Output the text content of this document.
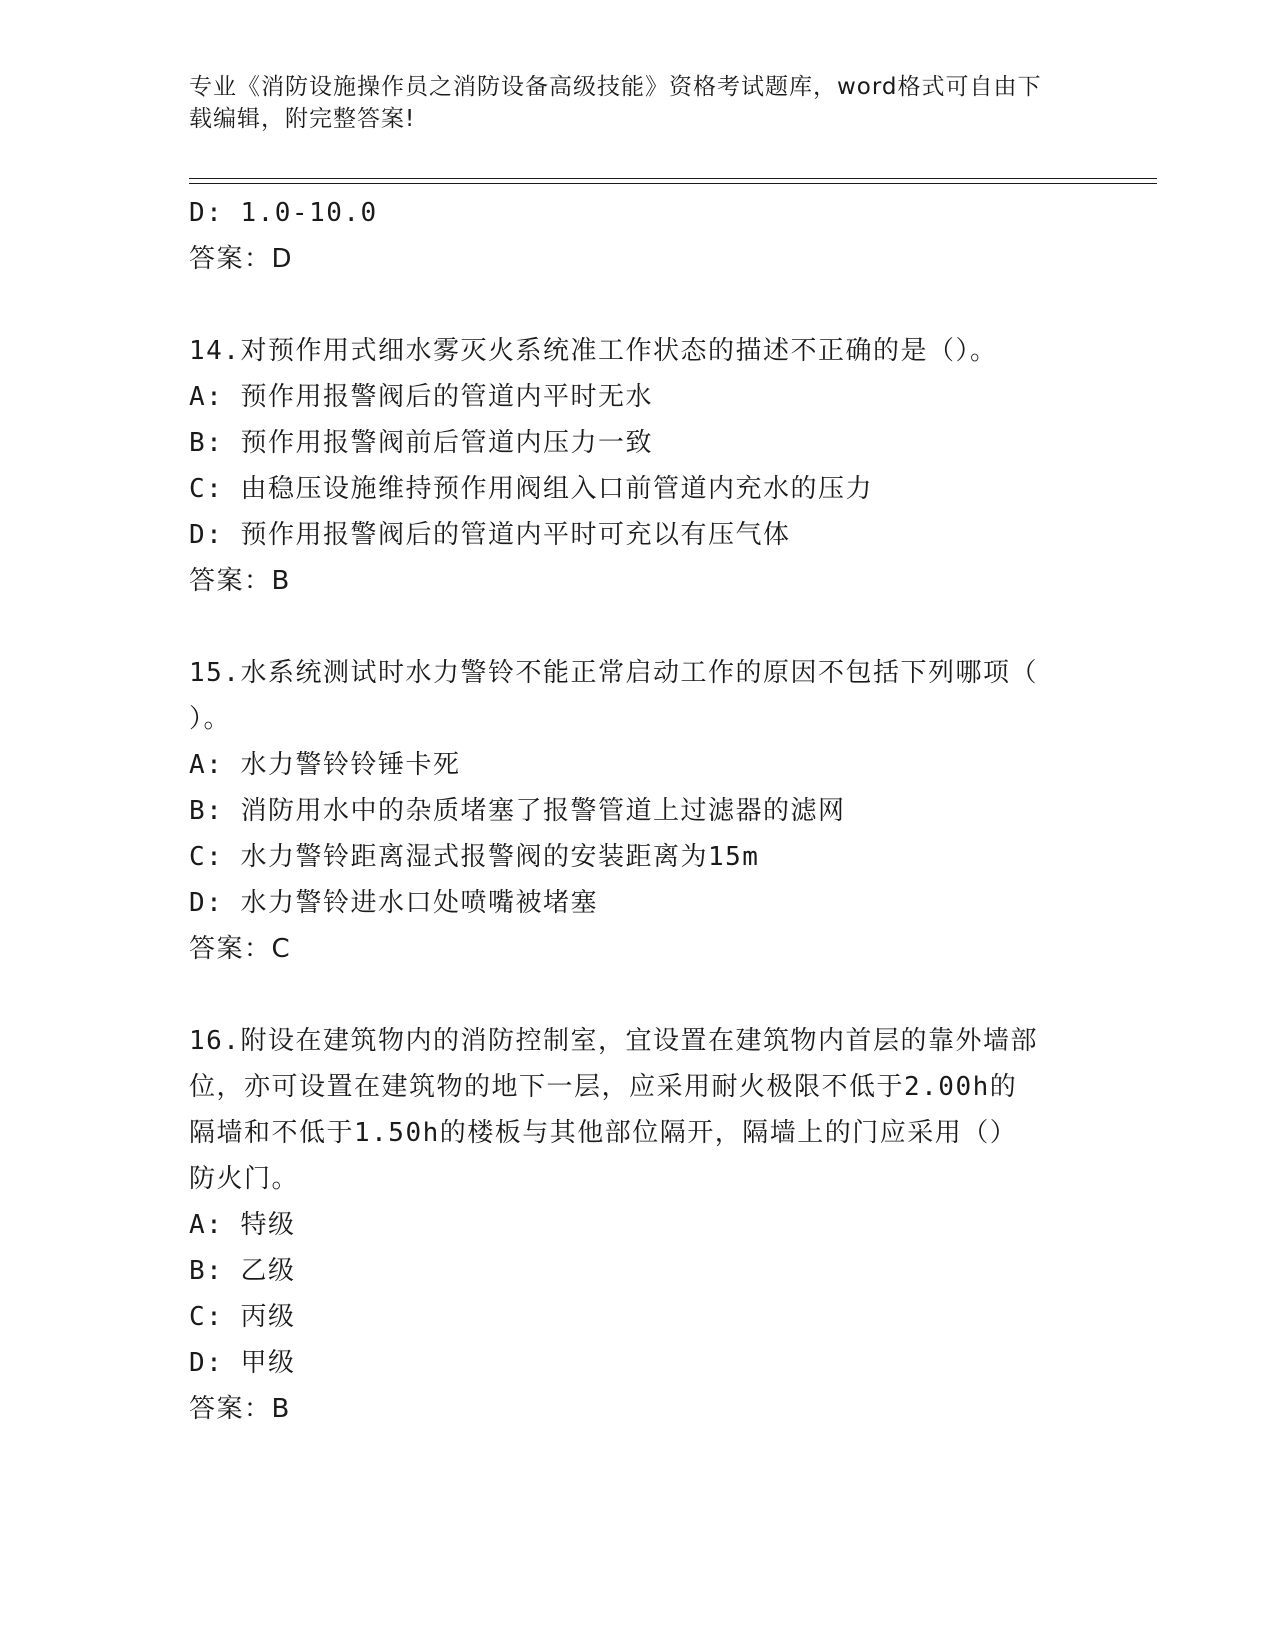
专业《消防设施操作员之消防设备高级技能》资格考试题库，word格式可自由下
载编辑，附完整答案!
D: 1.0-10.0
答案：D
14.对预作用式细水雾灭火系统准工作状态的描述不正确的是（）。
A: 预作用报警阀后的管道内平时无水
B: 预作用报警阀前后管道内压力一致
C: 由稳压设施维持预作用阀组入口前管道内充水的压力
D: 预作用报警阀后的管道内平时可充以有压气体
答案：B
15.水系统测试时水力警铃不能正常启动工作的原因不包括下列哪项（
）。
A: 水力警铃铃锤卡死
B: 消防用水中的杂质堵塞了报警管道上过滤器的滤网
C: 水力警铃距离湿式报警阀的安装距离为15m
D: 水力警铃进水口处喷嘴被堵塞
答案：C
16.附设在建筑物内的消防控制室，宜设置在建筑物内首层的靠外墙部
位，亦可设置在建筑物的地下一层，应采用耐火极限不低于2.00h的
隔墙和不低于1.50h的楼板与其他部位隔开，隔墙上的门应采用（）
防火门。
A: 特级
B: 乙级
C: 丙级
D: 甲级
答案：B
